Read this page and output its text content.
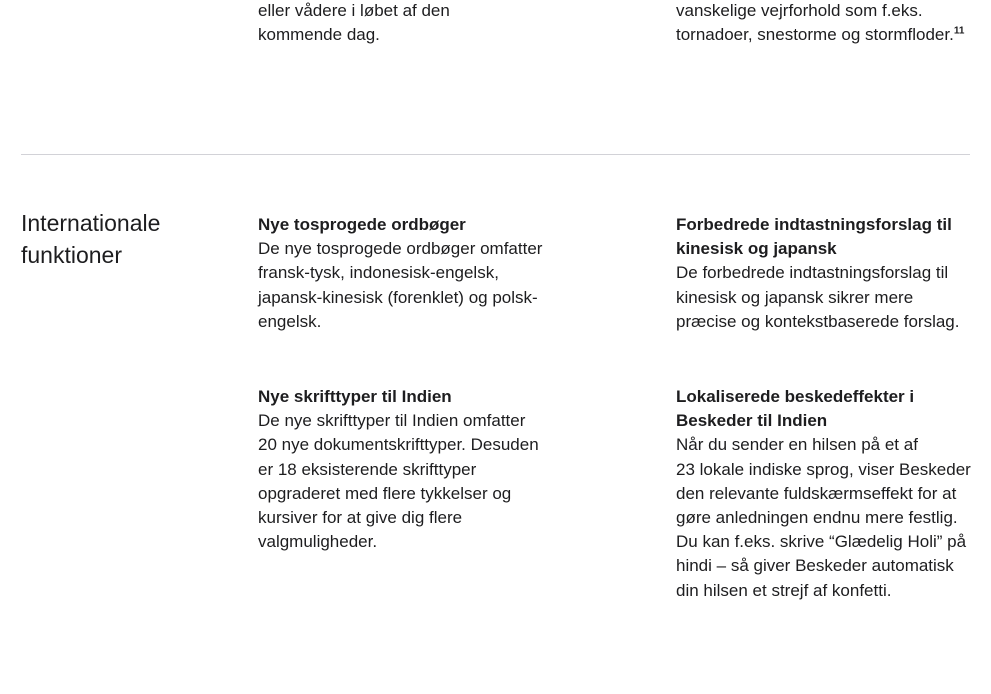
eller vådere i løbet af den
kommende dag.
vanskelige vejrforhold som f.eks.
tornadoer, snestorme og stormfloder.$^{11}$
Internationale
funktioner
Nye tosprogede ordbøger
De nye tosprogede ordbøger omfatter
fransk-tysk, indonesisk-engelsk,
japansk-kinesisk (forenklet) og polsk-
engelsk.
Forbedrede indtastningsforslag til
kinesisk og japansk
De forbedrede indtastningsforslag til
kinesisk og japansk sikrer mere
præcise og kontekstbaserede forslag.
Nye skrifttyper til Indien
De nye skrifttyper til Indien omfatter
20 nye dokumentskrifttyper. Desuden
er 18 eksisterende skrifttyper
opgraderet med flere tykkelser og
kursiver for at give dig flere
valgmuligheder.
Lokaliserede beskedeffekter i
Beskeder til Indien
Når du sender en hilsen på et af
23 lokale indiske sprog, viser Beskeder
den relevante fuldskærmseffekt for at
gøre anledningen endnu mere festlig.
Du kan f.eks. skrive “Glædelig Holi” på
hindi – så giver Beskeder automatisk
din hilsen et strejf af konfetti.
